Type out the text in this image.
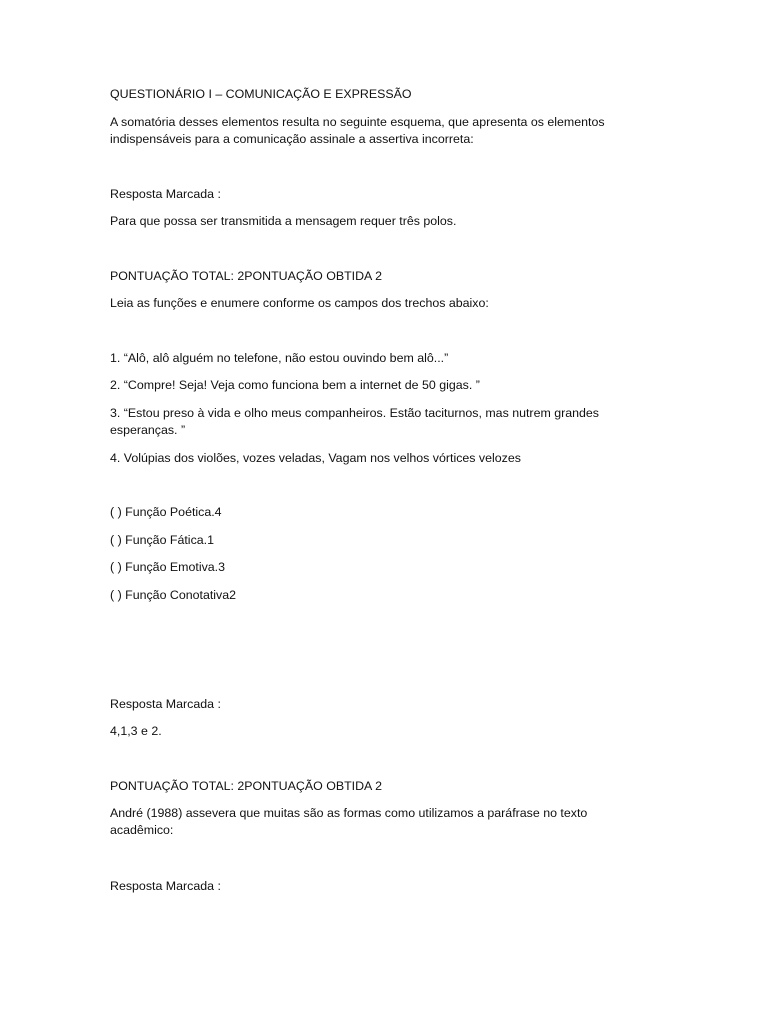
QUESTIONÁRIO I – COMUNICAÇÃO E EXPRESSÃO
A somatória desses elementos resulta no seguinte esquema, que apresenta os elementos
indispensáveis para a comunicação assinale a assertiva incorreta:
Resposta Marcada :
Para que possa ser transmitida a mensagem requer três polos.
PONTUAÇÃO TOTAL: 2PONTUAÇÃO OBTIDA 2
Leia as funções e enumere conforme os campos dos trechos abaixo:
1. “Alô, alô alguém no telefone, não estou ouvindo bem alô...”
2. “Compre! Seja! Veja como funciona bem a internet de 50 gigas. ”
3. “Estou preso à vida e olho meus companheiros. Estão taciturnos, mas nutrem grandes
esperanças. ”
4. Volúpias dos violões, vozes veladas, Vagam nos velhos vórtices velozes
( ) Função Poética.4
( ) Função Fática.1
( ) Função Emotiva.3
( ) Função Conotativa2
Resposta Marcada :
4,1,3 e 2.
PONTUAÇÃO TOTAL: 2PONTUAÇÃO OBTIDA 2
André (1988) assevera que muitas são as formas como utilizamos a paráfrase no texto
acadêmico:
Resposta Marcada :
